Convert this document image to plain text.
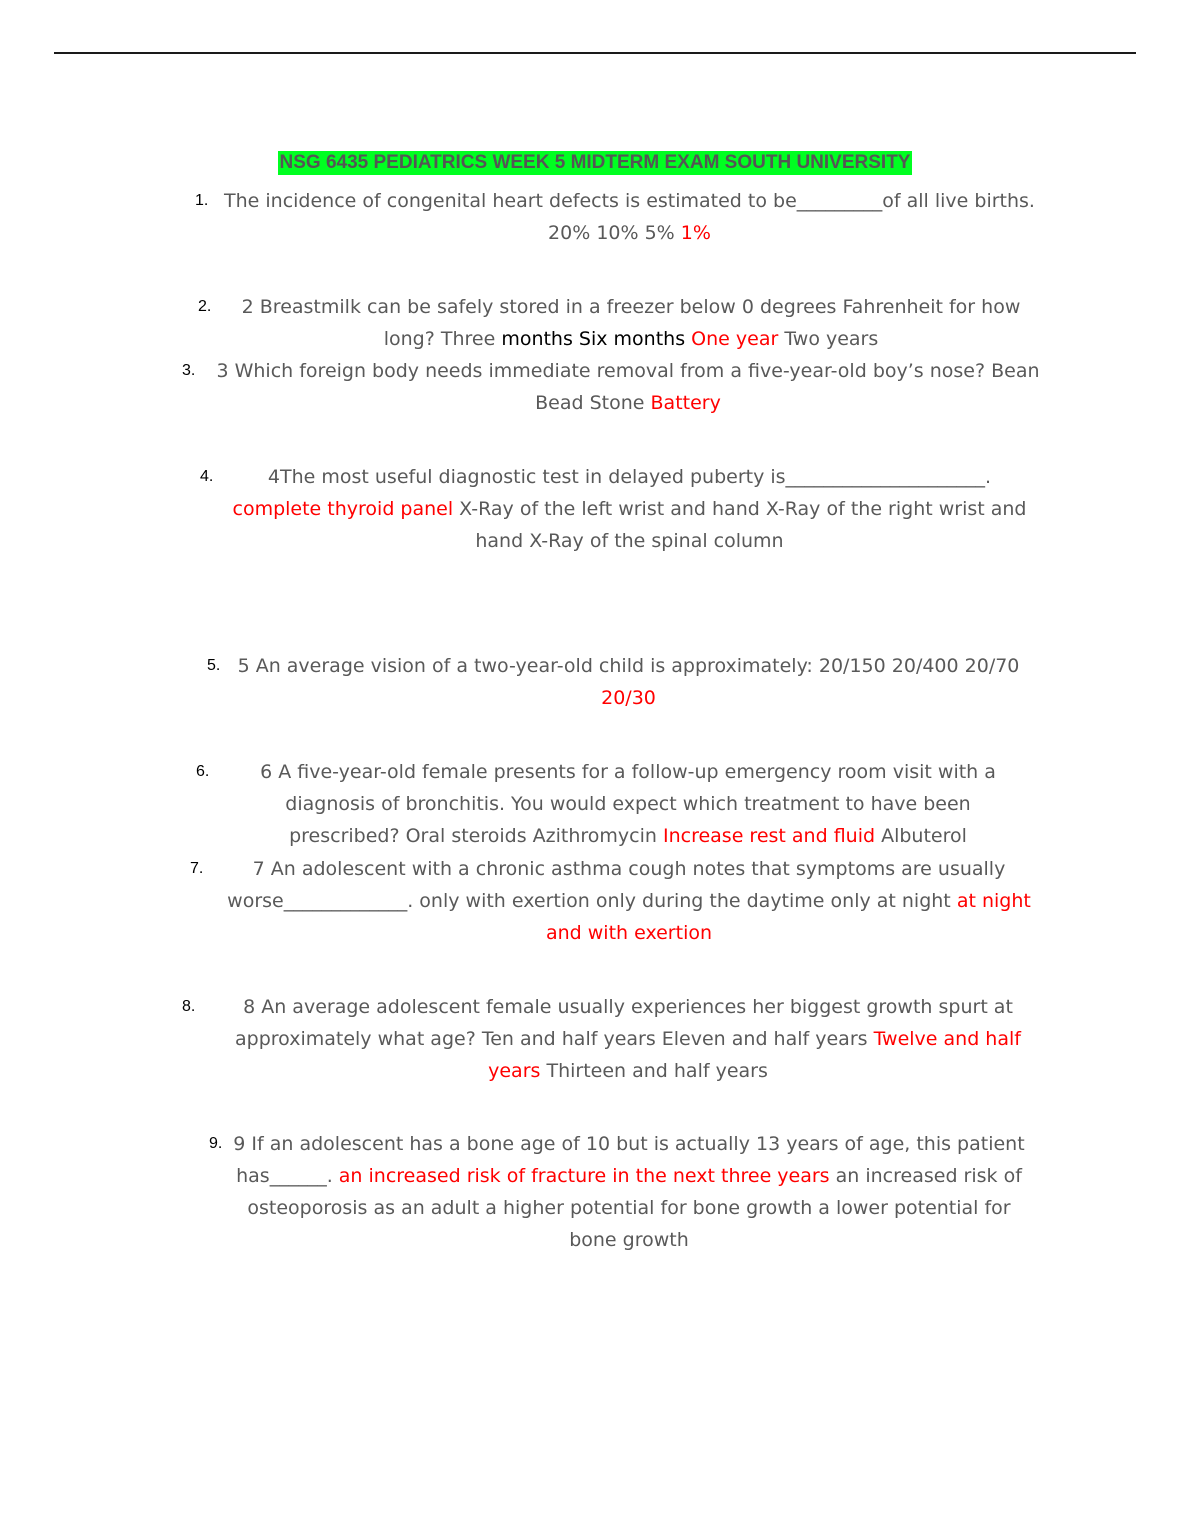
NSG 6435 PEDIATRICS WEEK 5 MIDTERM EXAM SOUTH UNIVERSITY
1. The incidence of congenital heart defects is estimated to be_________of all live births. 20% 10% 5% 1%
2.	2 Breastmilk can be safely stored in a freezer below 0 degrees Fahrenheit for how long? Three months Six months One year Two years
3.	3 Which foreign body needs immediate removal from a five-year-old boy’s nose? Bean Bead Stone Battery
4.	4The most useful diagnostic test in delayed puberty is_____________________. complete thyroid panel X-Ray of the left wrist and hand X-Ray of the right wrist and hand X-Ray of the spinal column
5. 5 An average vision of a two-year-old child is approximately: 20/150 20/400 20/70 20/30
6.	6 A five-year-old female presents for a follow-up emergency room visit with a diagnosis of bronchitis. You would expect which treatment to have been prescribed? Oral steroids Azithromycin Increase rest and fluid Albuterol
7.	7 An adolescent with a chronic asthma cough notes that symptoms are usually worse_____________. only with exertion only during the daytime only at night at night and with exertion
8.	8 An average adolescent female usually experiences her biggest growth spurt at approximately what age? Ten and half years Eleven and half years Twelve and half years Thirteen and half years
9. 9 If an adolescent has a bone age of 10 but is actually 13 years of age, this patient has______. an increased risk of fracture in the next three years an increased risk of osteoporosis as an adult a higher potential for bone growth a lower potential for bone growth
